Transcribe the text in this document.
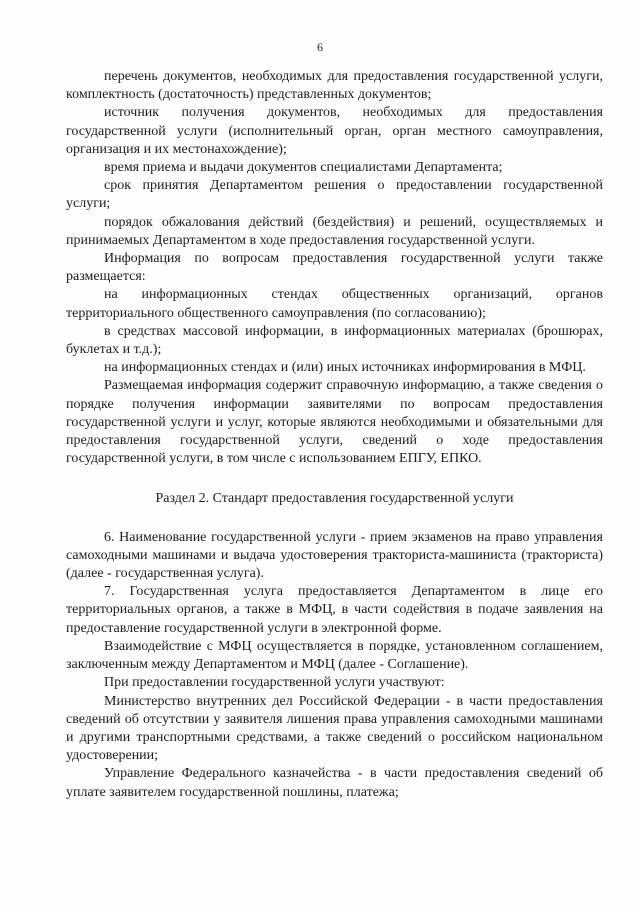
6

перечень документов, необходимых для предоставления государственной услуги, комплектность (достаточность) представленных документов;

источник получения документов, необходимых для предоставления государственной услуги (исполнительный орган, орган местного самоуправления, организация и их местонахождение);

время приема и выдачи документов специалистами Департамента;

срок принятия Департаментом решения о предоставлении государственной услуги;

порядок обжалования действий (бездействия) и решений, осуществляемых и принимаемых Департаментом в ходе предоставления государственной услуги.

Информация по вопросам предоставления государственной услуги также размещается:

на информационных стендах общественных организаций, органов территориального общественного самоуправления (по согласованию);

в средствах массовой информации, в информационных материалах (брошюрах, буклетах и т.д.);

на информационных стендах и (или) иных источниках информирования в МФЦ.

Размещаемая информация содержит справочную информацию, а также сведения о порядке получения информации заявителями по вопросам предоставления государственной услуги и услуг, которые являются необходимыми и обязательными для предоставления государственной услуги, сведений о ходе предоставления государственной услуги, в том числе с использованием ЕПГУ, ЕПКО.

Раздел 2. Стандарт предоставления государственной услуги

6. Наименование государственной услуги - прием экзаменов на право управления самоходными машинами и выдача удостоверения тракториста-машиниста (тракториста) (далее - государственная услуга).

7. Государственная услуга предоставляется Департаментом в лице его территориальных органов, а также в МФЦ, в части содействия в подаче заявления на предоставление государственной услуги в электронной форме.

Взаимодействие с МФЦ осуществляется в порядке, установленном соглашением, заключенным между Департаментом и МФЦ (далее - Соглашение).

При предоставлении государственной услуги участвуют:

Министерство внутренних дел Российской Федерации - в части предоставления сведений об отсутствии у заявителя лишения права управления самоходными машинами и другими транспортными средствами, а также сведений о российском национальном удостоверении;

Управление Федерального казначейства - в части предоставления сведений об уплате заявителем государственной пошлины, платежа;
